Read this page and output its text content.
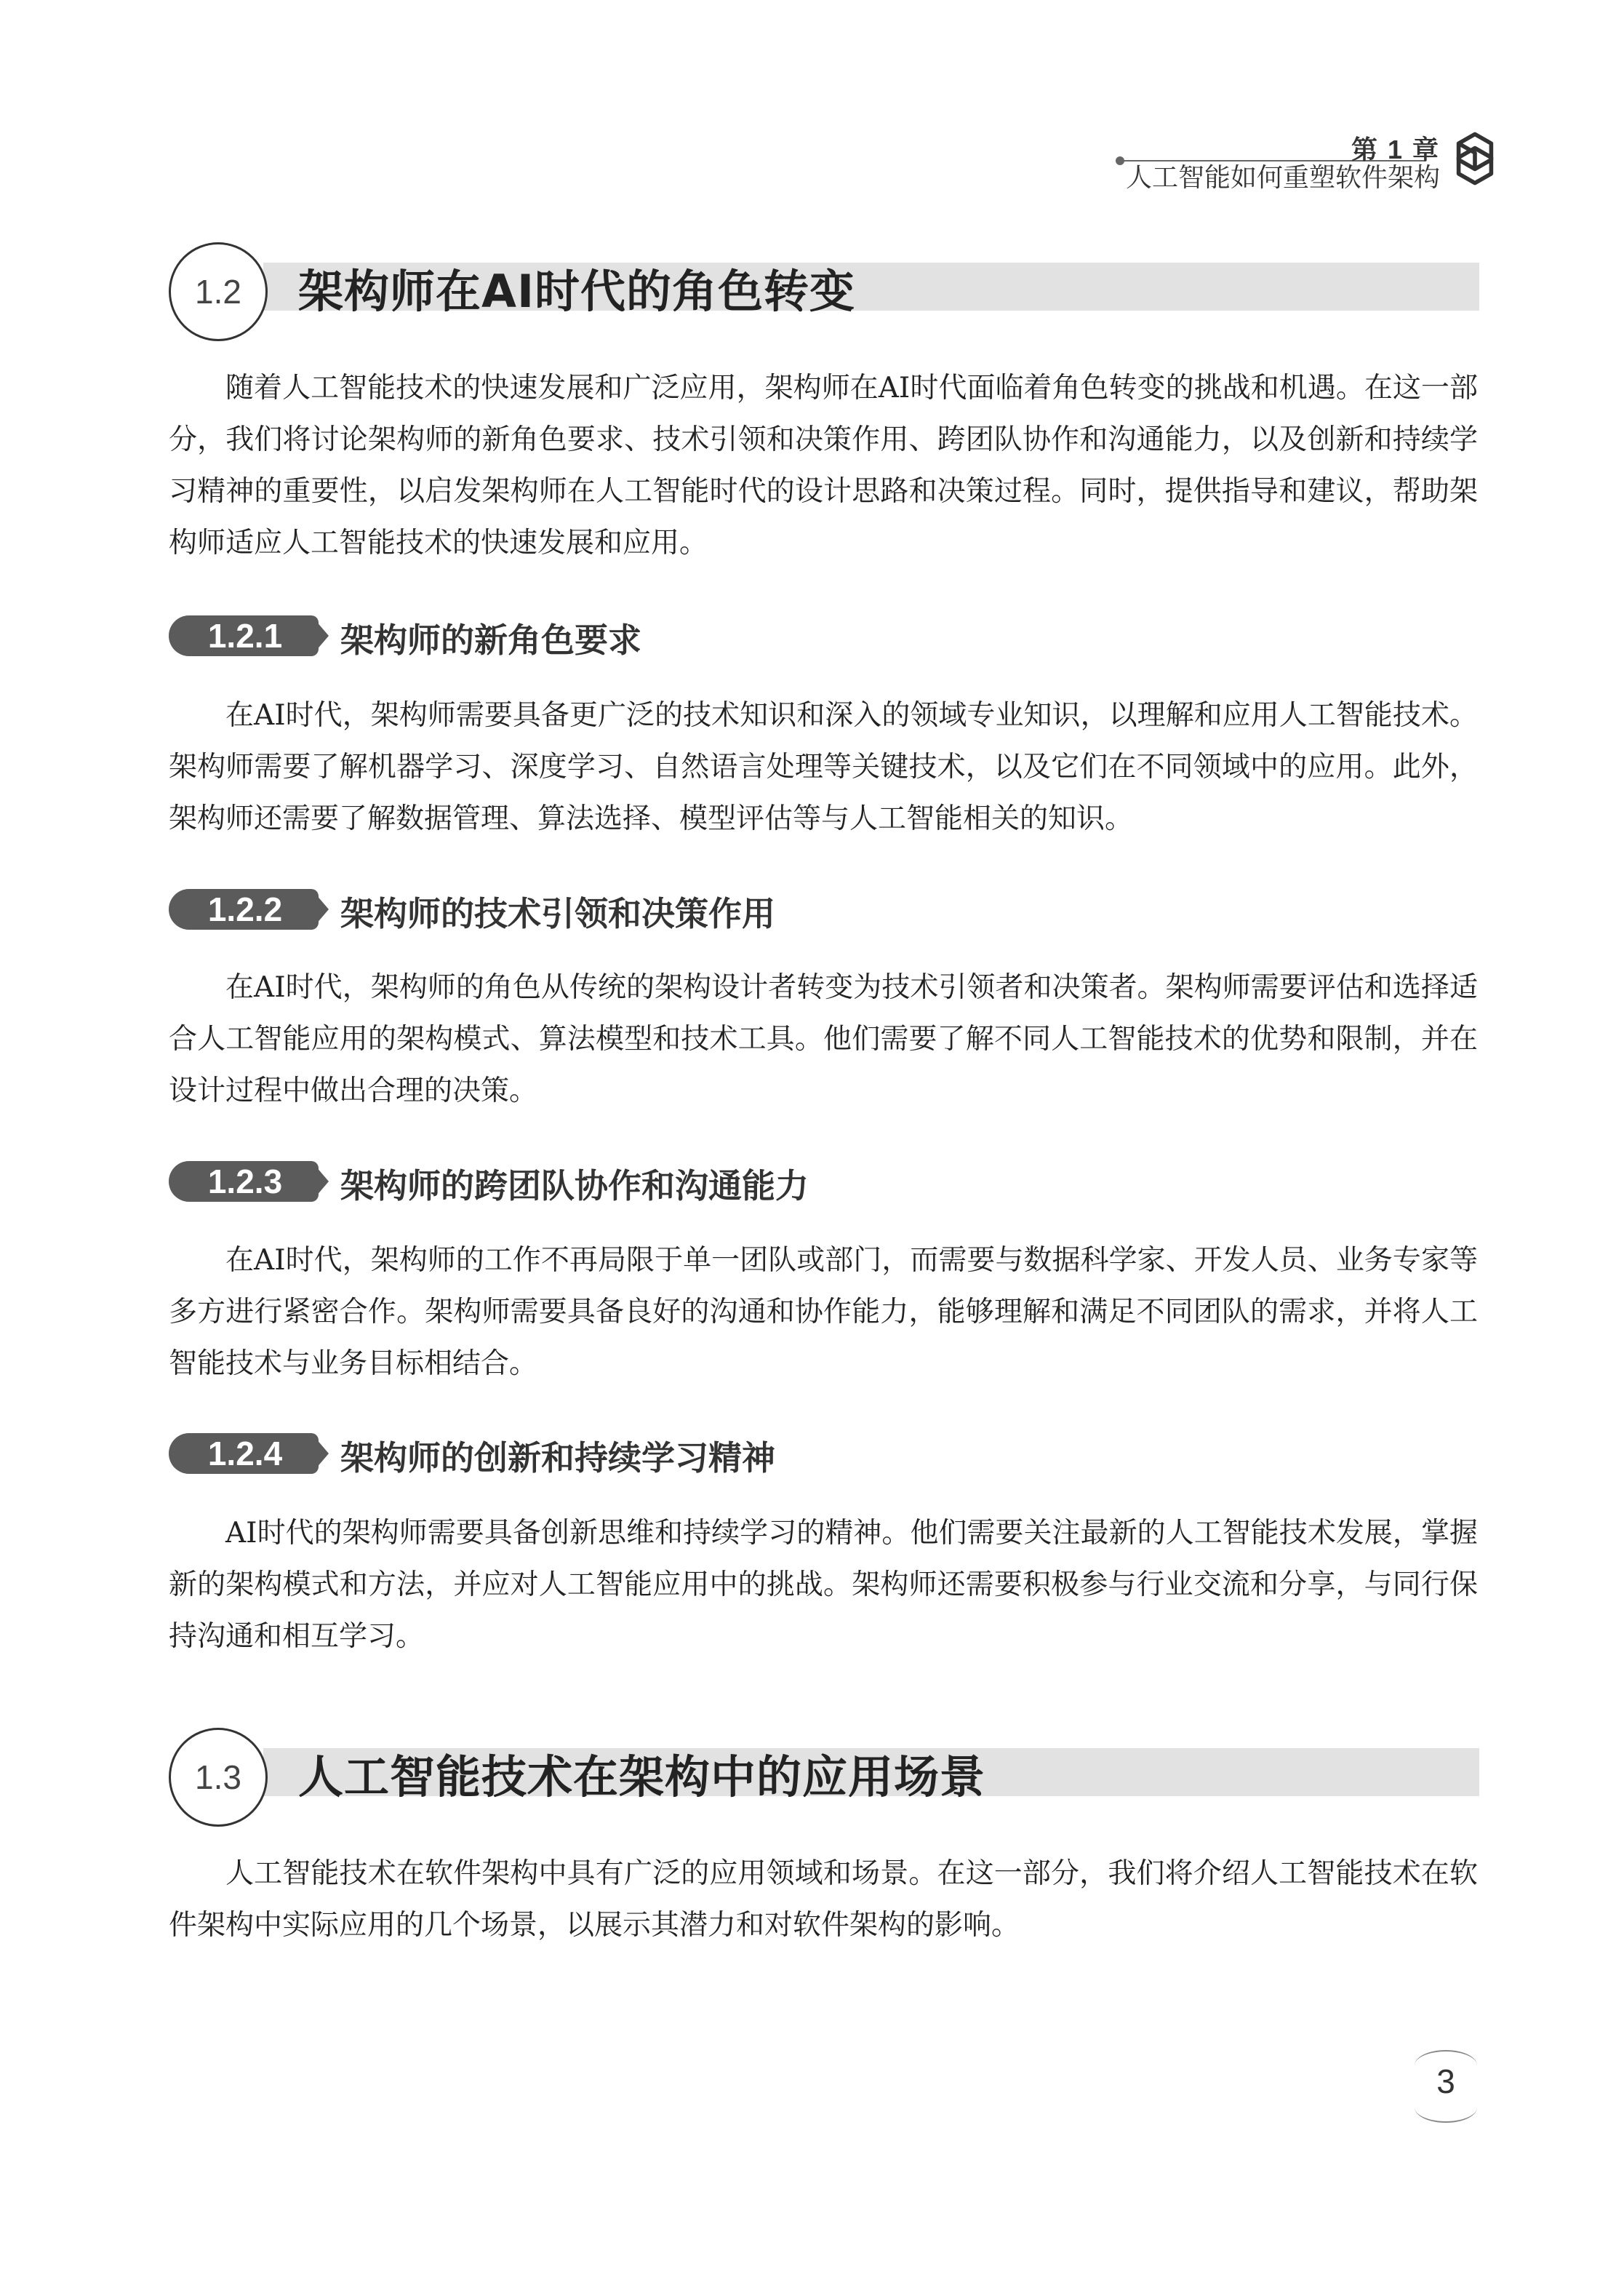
第 1 章
人工智能如何重塑软件架构
1.2	架构师在AI时代的角色转变

随着人工智能技术的快速发展和广泛应用，架构师在AI时代面临着角色转变的挑战和机遇。在这一部分，我们将讨论架构师的新角色要求、技术引领和决策作用、跨团队协作和沟通能力，以及创新和持续学习精神的重要性，以启发架构师在人工智能时代的设计思路和决策过程。同时，提供指导和建议，帮助架构师适应人工智能技术的快速发展和应用。

1.2.1	架构师的新角色要求

在AI时代，架构师需要具备更广泛的技术知识和深入的领域专业知识，以理解和应用人工智能技术。架构师需要了解机器学习、深度学习、自然语言处理等关键技术，以及它们在不同领域中的应用。此外，架构师还需要了解数据管理、算法选择、模型评估等与人工智能相关的知识。

1.2.2	架构师的技术引领和决策作用

在AI时代，架构师的角色从传统的架构设计者转变为技术引领者和决策者。架构师需要评估和选择适合人工智能应用的架构模式、算法模型和技术工具。他们需要了解不同人工智能技术的优势和限制，并在设计过程中做出合理的决策。

1.2.3	架构师的跨团队协作和沟通能力

在AI时代，架构师的工作不再局限于单一团队或部门，而需要与数据科学家、开发人员、业务专家等多方进行紧密合作。架构师需要具备良好的沟通和协作能力，能够理解和满足不同团队的需求，并将人工智能技术与业务目标相结合。

1.2.4	架构师的创新和持续学习精神

AI时代的架构师需要具备创新思维和持续学习的精神。他们需要关注最新的人工智能技术发展，掌握新的架构模式和方法，并应对人工智能应用中的挑战。架构师还需要积极参与行业交流和分享，与同行保持沟通和相互学习。

1.3	人工智能技术在架构中的应用场景

人工智能技术在软件架构中具有广泛的应用领域和场景。在这一部分，我们将介绍人工智能技术在软件架构中实际应用的几个场景，以展示其潜力和对软件架构的影响。

3
